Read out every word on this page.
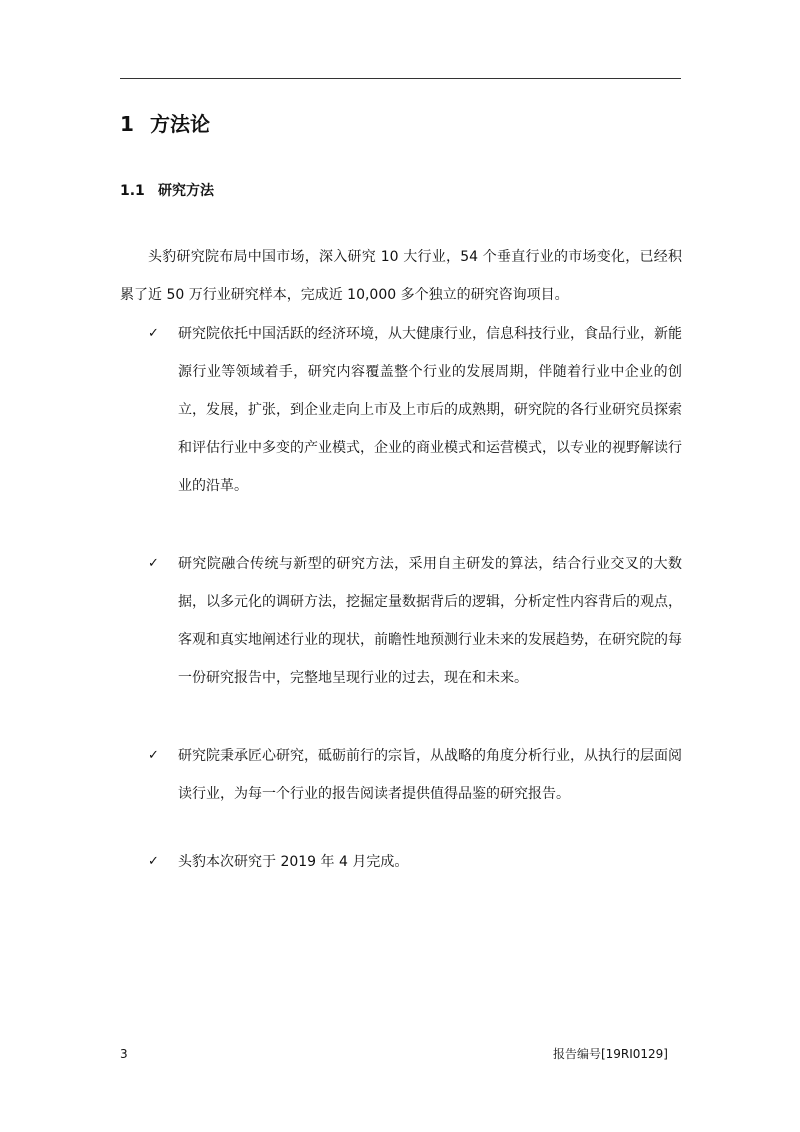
1 方法论
1.1 研究方法

头豹研究院布局中国市场，深入研究 10 大行业，54 个垂直行业的市场变化，已经积累了近 50 万行业研究样本，完成近 10,000 多个独立的研究咨询项目。

✓	研究院依托中国活跃的经济环境，从大健康行业，信息科技行业，食品行业，新能源行业等领域着手，研究内容覆盖整个行业的发展周期，伴随着行业中企业的创立，发展，扩张，到企业走向上市及上市后的成熟期，研究院的各行业研究员探索和评估行业中多变的产业模式，企业的商业模式和运营模式，以专业的视野解读行业的沿革。
✓	研究院融合传统与新型的研究方法，采用自主研发的算法，结合行业交叉的大数据，以多元化的调研方法，挖掘定量数据背后的逻辑，分析定性内容背后的观点，客观和真实地阐述行业的现状，前瞻性地预测行业未来的发展趋势，在研究院的每一份研究报告中，完整地呈现行业的过去，现在和未来。
✓	研究院秉承匠心研究，砥砺前行的宗旨，从战略的角度分析行业，从执行的层面阅读行业，为每一个行业的报告阅读者提供值得品鉴的研究报告。
✓	头豹本次研究于 2019 年 4 月完成。
3	报告编号[19RI0129]
